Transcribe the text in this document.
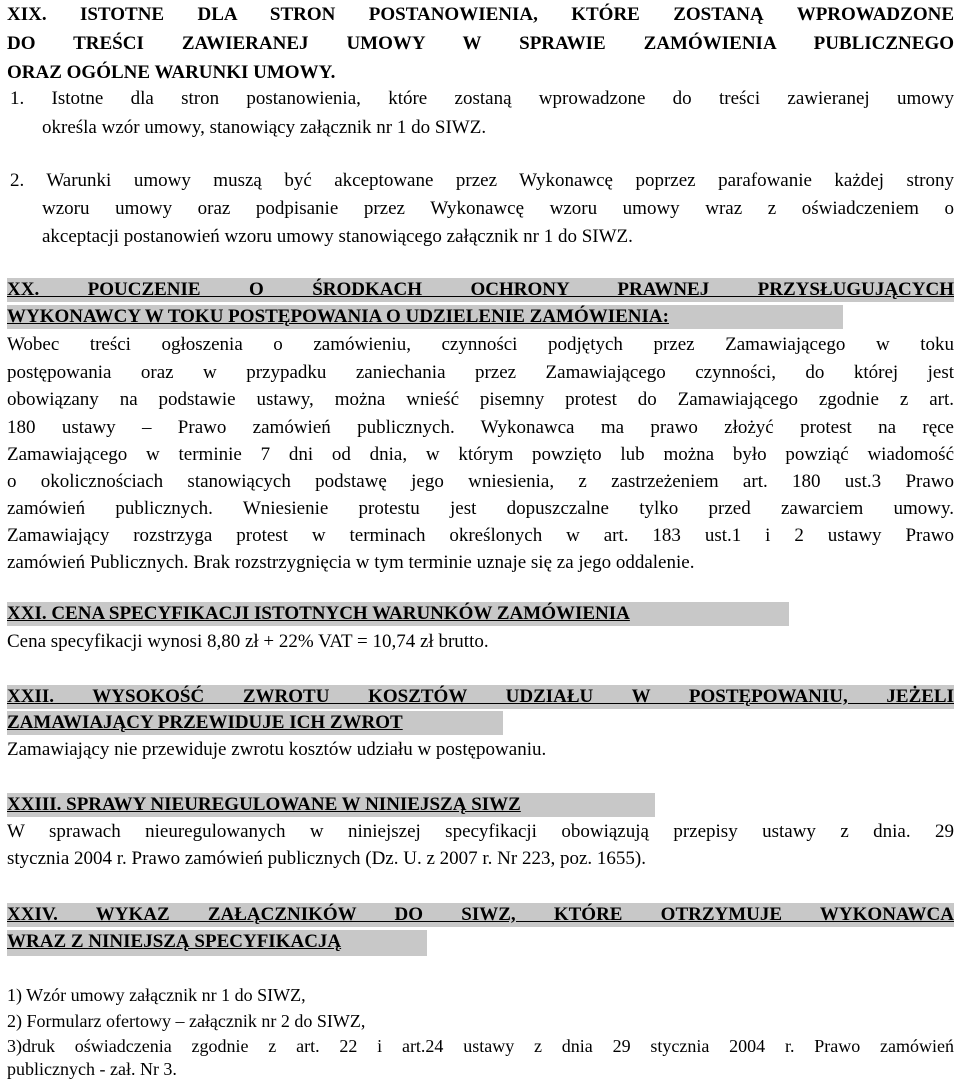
XIX. ISTOTNE DLA STRON POSTANOWIENIA, KTÓRE ZOSTANĄ WPROWADZONE
DO TREŚCI ZAWIERANEJ UMOWY W SPRAWIE ZAMÓWIENIA PUBLICZNEGO
ORAZ OGÓLNE WARUNKI UMOWY.
1. Istotne dla stron postanowienia, które zostaną wprowadzone do treści zawieranej umowy
określa wzór umowy, stanowiący załącznik nr 1 do SIWZ.
2. Warunki umowy muszą być akceptowane przez Wykonawcę poprzez parafowanie każdej strony
wzoru umowy oraz podpisanie przez Wykonawcę wzoru umowy wraz z oświadczeniem o
akceptacji postanowień wzoru umowy stanowiącego załącznik nr 1 do SIWZ.
XX. POUCZENIE O ŚRODKACH OCHRONY PRAWNEJ PRZYSŁUGUJĄCYCH
WYKONAWCY W TOKU POSTĘPOWANIA O UDZIELENIE ZAMÓWIENIA:
Wobec treści ogłoszenia o zamówieniu, czynności podjętych przez Zamawiającego w toku
postępowania oraz w przypadku zaniechania przez Zamawiającego czynności, do której jest
obowiązany na podstawie ustawy, można wnieść pisemny protest do Zamawiającego zgodnie z art.
180 ustawy – Prawo zamówień publicznych. Wykonawca ma prawo złożyć protest na ręce
Zamawiającego w terminie 7 dni od dnia, w którym powzięto lub można było powziąć wiadomość
o okolicznościach stanowiących podstawę jego wniesienia, z zastrzeżeniem art. 180 ust.3 Prawo
zamówień publicznych. Wniesienie protestu jest dopuszczalne tylko przed zawarciem umowy.
Zamawiający rozstrzyga protest w terminach określonych w art. 183 ust.1 i 2 ustawy Prawo
zamówień Publicznych. Brak rozstrzygnięcia w tym terminie uznaje się za jego oddalenie.
XXI. CENA SPECYFIKACJI ISTOTNYCH WARUNKÓW ZAMÓWIENIA
Cena specyfikacji wynosi 8,80 zł + 22% VAT = 10,74 zł brutto.
XXII. WYSOKOŚĆ ZWROTU KOSZTÓW UDZIAŁU W POSTĘPOWANIU, JEŻELI
ZAMAWIAJĄCY PRZEWIDUJE ICH ZWROT
Zamawiający nie przewiduje zwrotu kosztów udziału w postępowaniu.
XXIII. SPRAWY NIEUREGULOWANE W NINIEJSZĄ SIWZ
W sprawach nieuregulowanych w niniejszej specyfikacji obowiązują przepisy ustawy z dnia. 29
stycznia 2004 r. Prawo zamówień publicznych (Dz. U. z 2007 r. Nr 223, poz. 1655).
XXIV. WYKAZ ZAŁĄCZNIKÓW DO SIWZ, KTÓRE OTRZYMUJE WYKONAWCA
WRAZ Z NINIEJSZĄ SPECYFIKACJĄ
1) Wzór umowy załącznik nr 1 do SIWZ,
2) Formularz ofertowy – załącznik nr 2 do SIWZ,
3)druk oświadczenia zgodnie z art. 22 i art.24 ustawy z dnia 29 stycznia 2004 r. Prawo zamówień
publicznych - zał. Nr 3.
